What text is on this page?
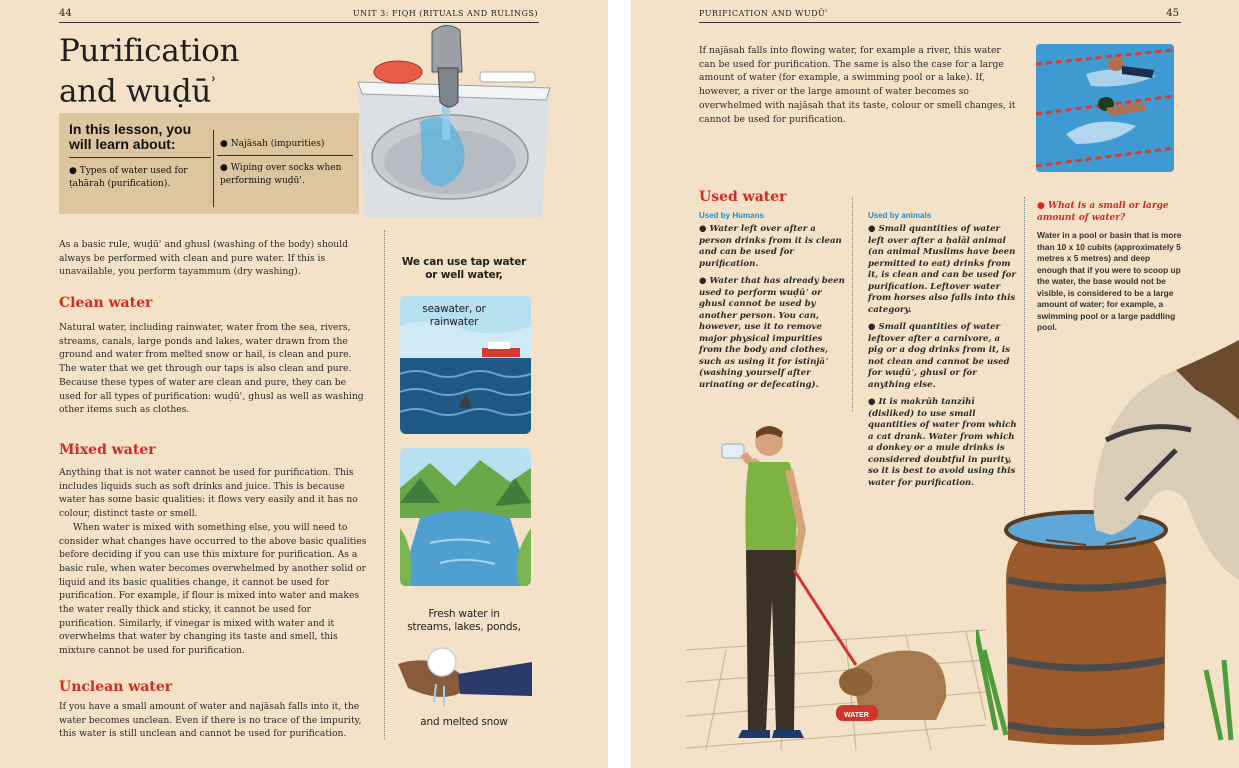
44	UNIT 3: FIQH (RITUALS AND RULINGS)
Purification
and wuḍū$^ʾ$
In this lesson, you will learn about:
● Types of water used for ṭahārah (purification).
● Najāsah (impurities)
● Wiping over socks when performing wuḍūʾ.
As a basic rule, wuḍūʾ and ghusl (washing of the body) should always be performed with clean and pure water. If this is unavailable, you perform tayammum (dry washing).
Clean water
Natural water, including rainwater, water from the sea, rivers, streams, canals, large ponds and lakes, water drawn from the ground and water from melted snow or hail, is clean and pure. The water that we get through our taps is also clean and pure. Because these types of water are clean and pure, they can be used for all types of purification: wuḍūʾ, ghusl as well as washing other items such as clothes.
Mixed water

Anything that is not water cannot be used for purification. This includes liquids such as soft drinks and juice. This is because water has some basic qualities: it flows very easily and it has no colour, distinct taste or smell.

When water is mixed with something else, you will need to consider what changes have occurred to the above basic qualities before deciding if you can use this mixture for purification. As a basic rule, when water becomes overwhelmed by another solid or liquid and its basic qualities change, it cannot be used for purification. For example, if flour is mixed into water and makes the water really thick and sticky, it cannot be used for purification. Similarly, if vinegar is mixed with water and it overwhelms that water by changing its taste and smell, this mixture cannot be used for purification.

Unclean water
If you have a small amount of water and najāsah falls into it, the water becomes unclean. Even if there is no trace of the impurity, this water is still unclean and cannot be used for purification.
We can use tap water
or well water,
seawater, or
rainwater
Fresh water in
streams, lakes, ponds,
and melted snow
PURIFICATION AND WUḌŪʾ	45
If najāsah falls into flowing water, for example a river, this water can be used for purification. The same is also the case for a large amount of water (for example, a swimming pool or a lake). If, however, a river or the large amount of water becomes so overwhelmed with najāsah that its taste, colour or smell changes, it cannot be used for purification.
Used water
Used by Humans

● Water left over after a person drinks from it is clean and can be used for purification.

● Water that has already been used to perform wuḍūʾ or ghusl cannot be used by another person. You can, however, use it to remove major physical impurities from the body and clothes, such as using it for istinjāʾ (washing yourself after urinating or defecating).

Used by animals

● Small quantities of water left over after a ḥalāl animal (an animal Muslims have been permitted to eat) drinks from it, is clean and can be used for purification. Leftover water from horses also falls into this category.

● Small quantities of water leftover after a carnivore, a pig or a dog drinks from it, is not clean and cannot be used for wuḍūʾ, ghusl or for anything else.

● It is makrūh tanzīhī (disliked) to use small quantities of water from which a cat drank. Water from which a donkey or a mule drinks is considered doubtful in purity, so it is best to avoid using this water for purification.

● What is a small or large amount of water?
Water in a pool or basin that is more than 10 x 10 cubits (approximately 5 metres x 5 metres) and deep enough that if you were to scoop up the water, the base would not be visible, is considered to be a large amount of water; for example, a swimming pool or a large paddling pool.
WATER
